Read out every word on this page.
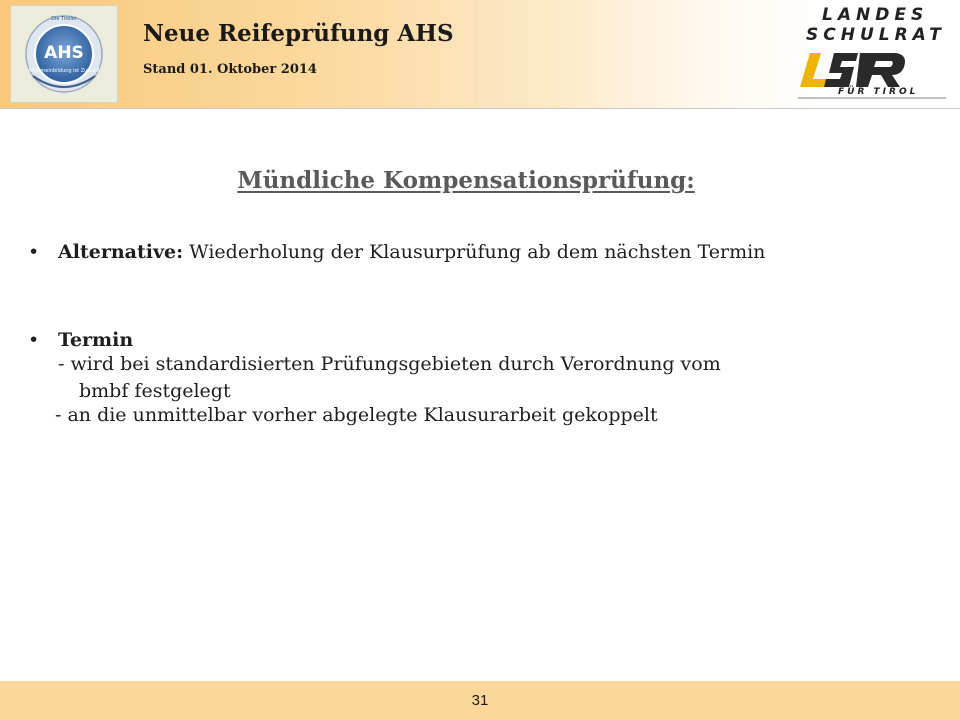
AHS
Die Tiroler
Allgemeinbildung ist Zukunft
Neue Reifeprüfung AHS
Stand 01. Oktober 2014
LANDES
SCHULRAT
FÜR TIROL
Mündliche Kompensationsprüfung:
• Alternative: Wiederholung der Klausurprüfung ab dem nächsten Termin
• Termin
- wird bei standardisierten Prüfungsgebieten durch Verordnung vom
bmbf festgelegt
- an die unmittelbar vorher abgelegte Klausurarbeit gekoppelt
31
